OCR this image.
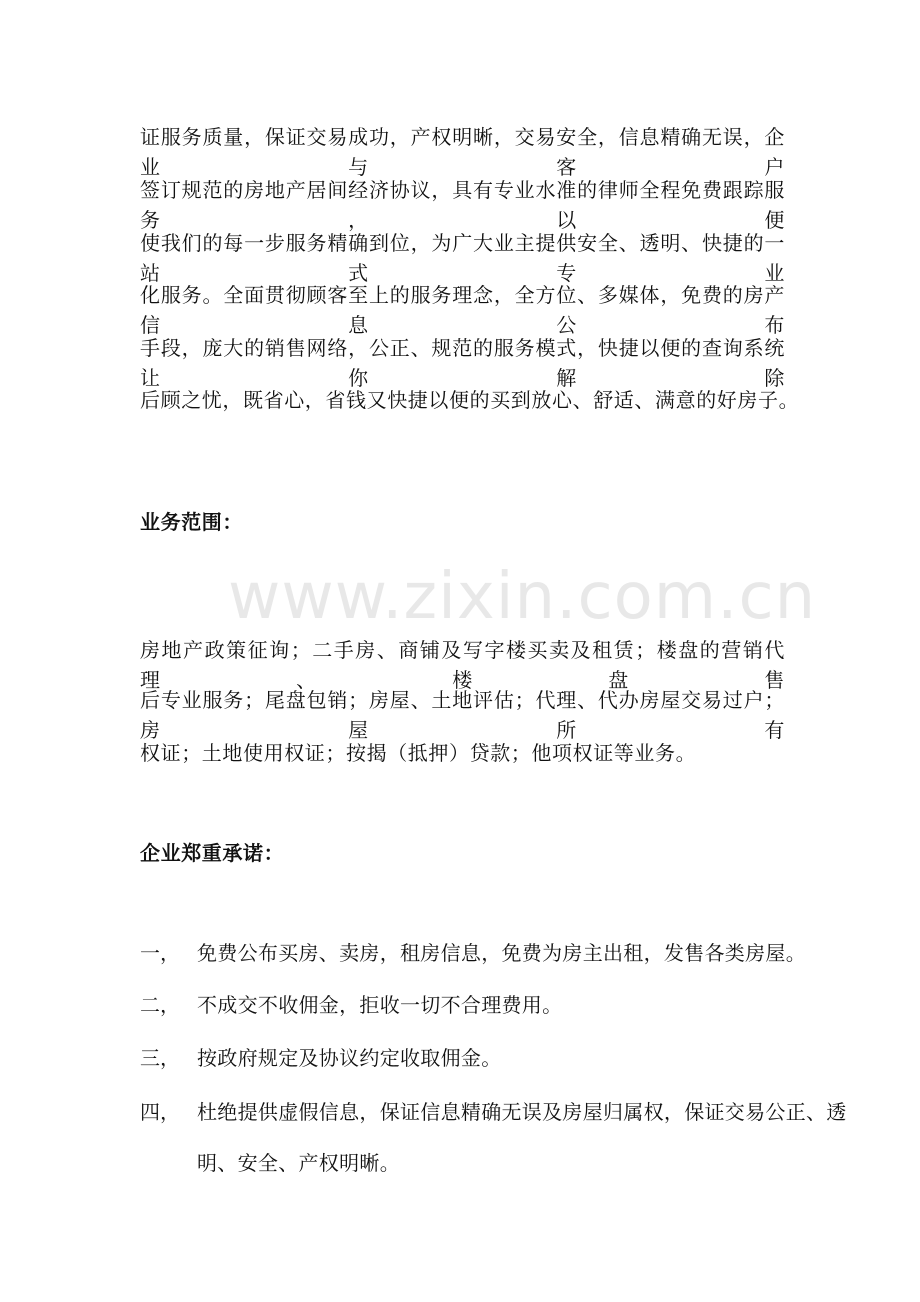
www.zixin.com.cn
证服务质量，保证交易成功，产权明晰，交易安全，信息精确无误，企业与客户
签订规范的房地产居间经济协议，具有专业水准的律师全程免费跟踪服务，以便
使我们的每一步服务精确到位，为广大业主提供安全、透明、快捷的一站式专业
化服务。全面贯彻顾客至上的服务理念，全方位、多媒体，免费的房产信息公布
手段，庞大的销售网络，公正、规范的服务模式，快捷以便的查询系统让你解除
后顾之忧，既省心，省钱又快捷以便的买到放心、舒适、满意的好房子。
业务范围：
房地产政策征询；二手房、商铺及写字楼买卖及租赁；楼盘的营销代理、楼盘售
后专业服务；尾盘包销；房屋、土地评估；代理、代办房屋交易过户；房屋所有
权证；土地使用权证；按揭（抵押）贷款；他项权证等业务。
企业郑重承诺：
一， 免费公布买房、卖房，租房信息，免费为房主出租，发售各类房屋。
二， 不成交不收佣金，拒收一切不合理费用。
三， 按政府规定及协议约定收取佣金。
四， 杜绝提供虚假信息，保证信息精确无误及房屋归属权，保证交易公正、透
明、安全、产权明晰。
